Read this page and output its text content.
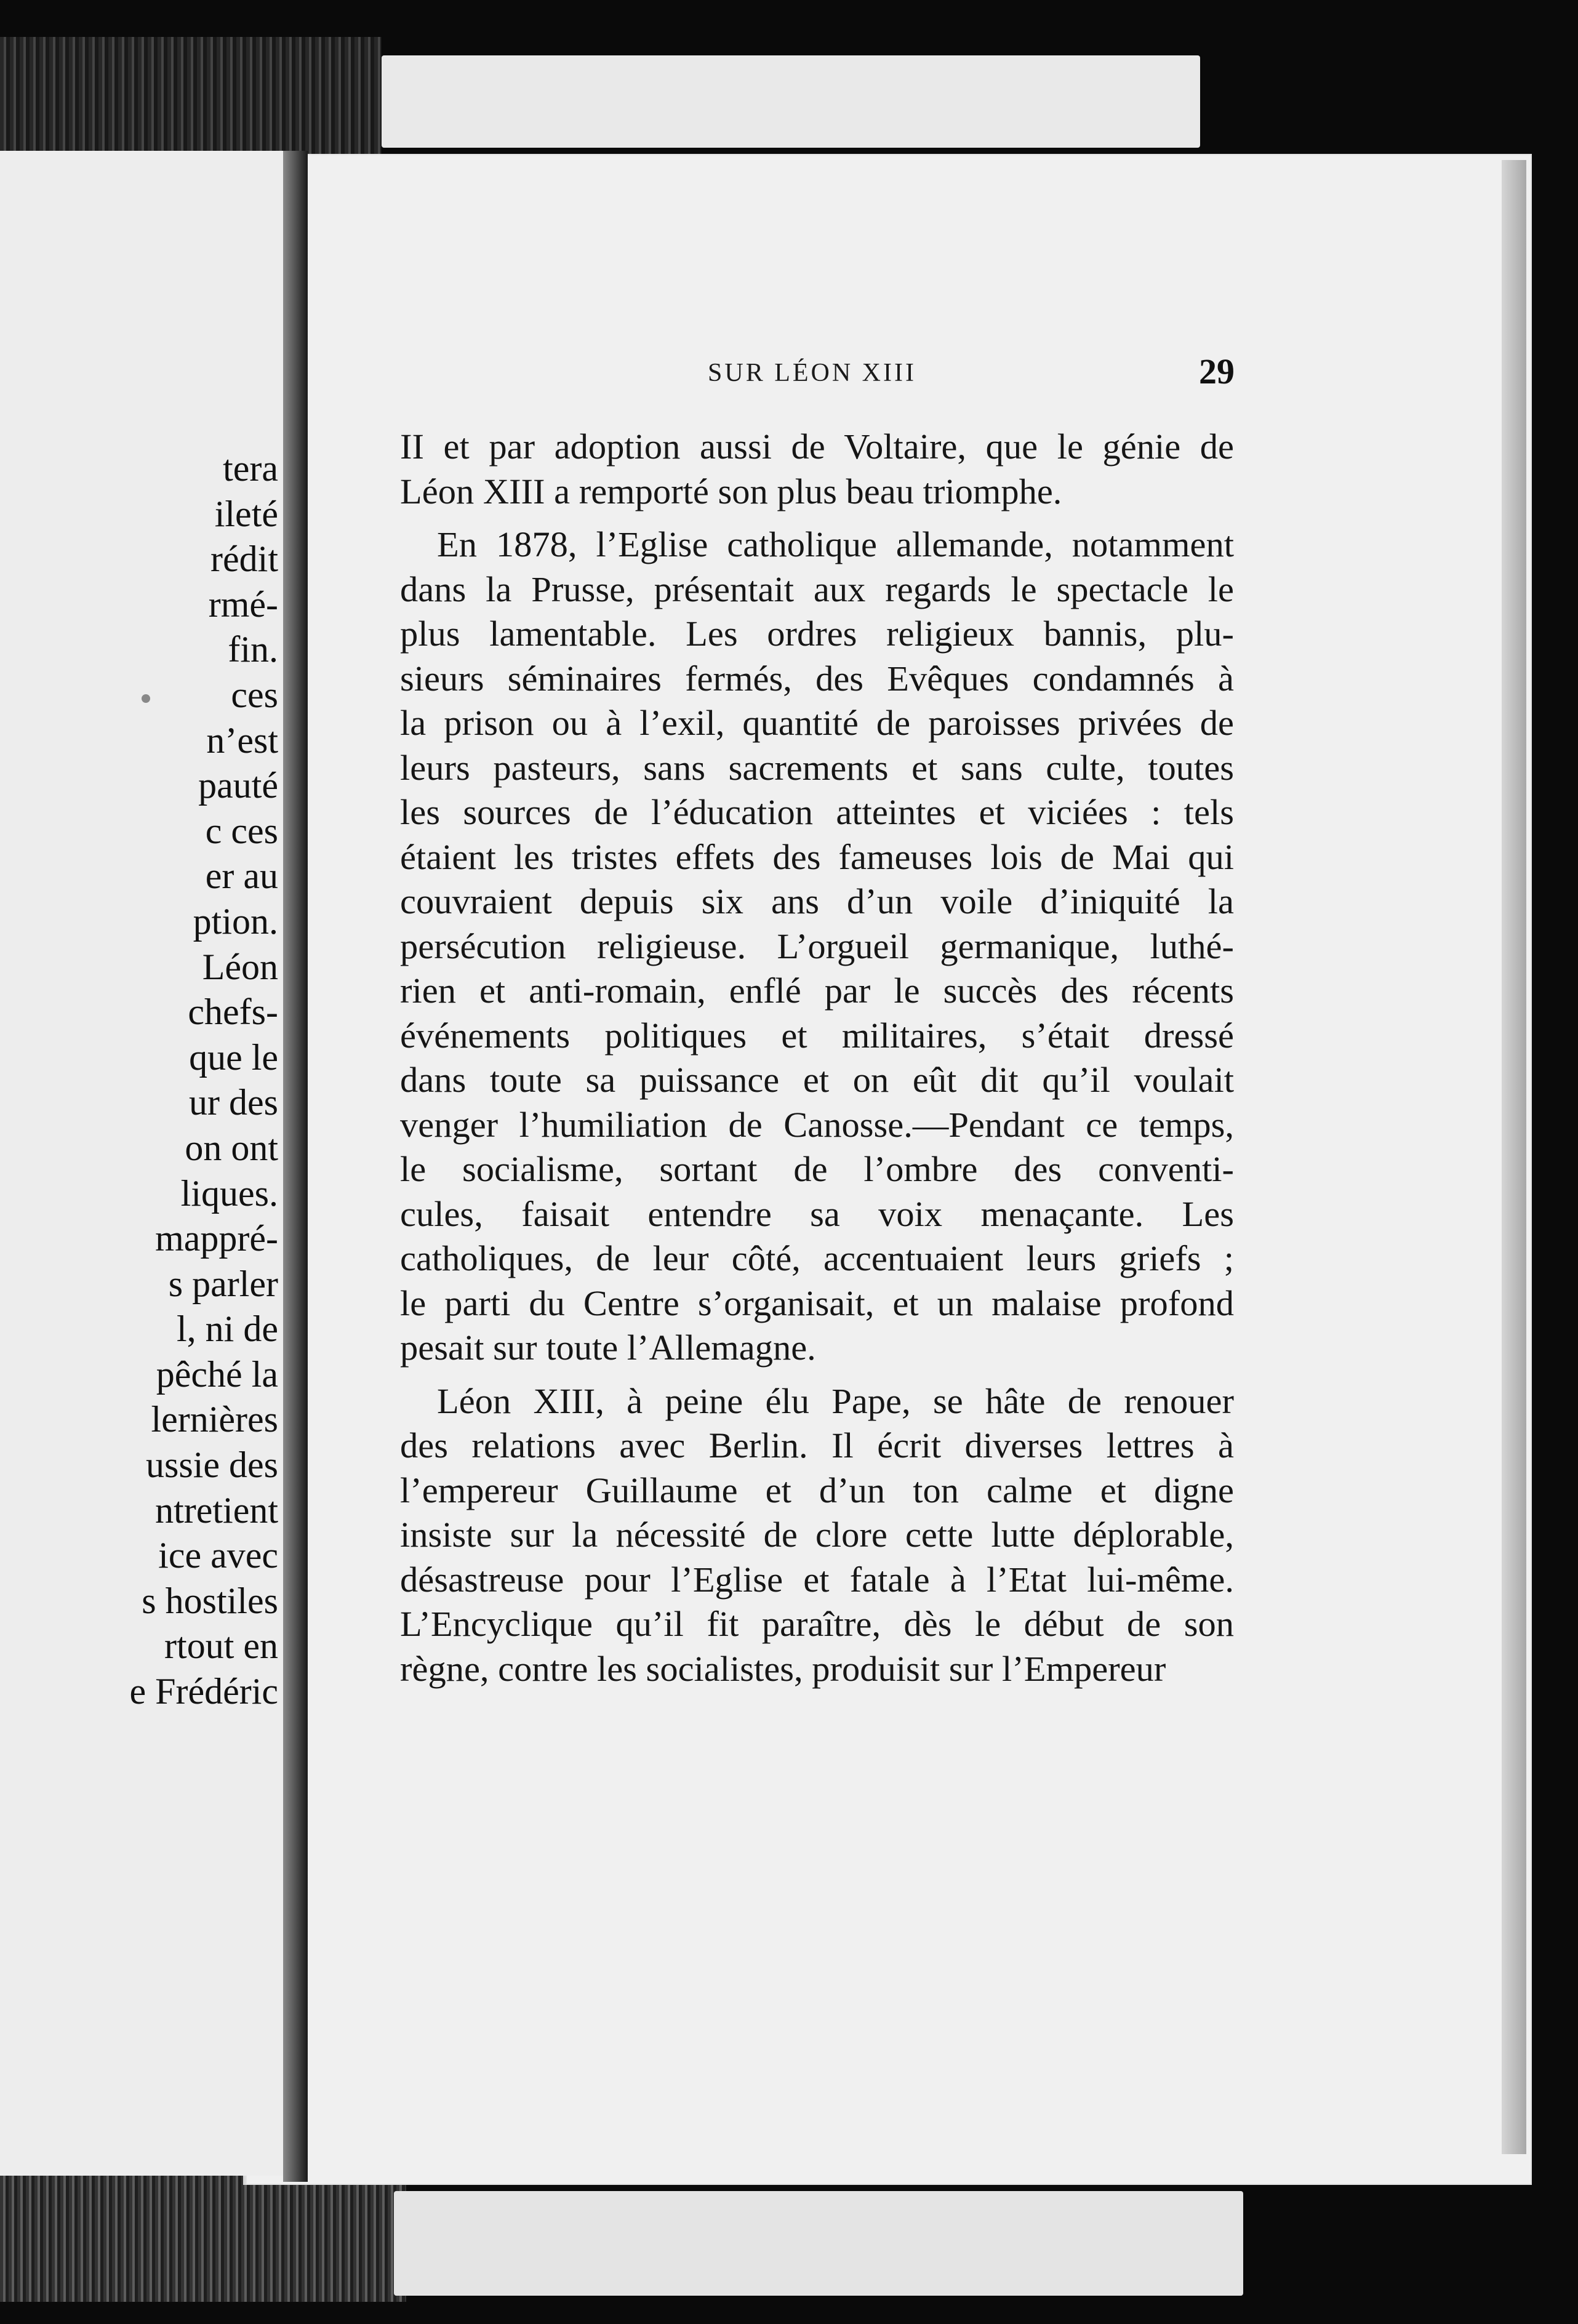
tera
ileté
rédit
rmé-
fin.
ces
n’est
pauté
c ces
er au
ption.
Léon
chefs-
que le
ur des
on ont
liques.
mappré-
s parler
l, ni de
pêché la
lernières
ussie des
ntretient
ice avec
s hostiles
rtout en
e Frédéric
SUR LÉON XIII	29
II et par adoption aussi de Voltaire, que le génie de
Léon XIII a remporté son plus beau triomphe.
En 1878, l’Eglise catholique allemande, notamment
dans la Prusse, présentait aux regards le spectacle le
plus lamentable. Les ordres religieux bannis, plu-
sieurs séminaires fermés, des Evêques condamnés à
la prison ou à l’exil, quantité de paroisses privées de
leurs pasteurs, sans sacrements et sans culte, toutes
les sources de l’éducation atteintes et viciées : tels
étaient les tristes effets des fameuses lois de Mai qui
couvraient depuis six ans d’un voile d’iniquité la
persécution religieuse. L’orgueil germanique, luthé-
rien et anti-romain, enflé par le succès des récents
événements politiques et militaires, s’était dressé
dans toute sa puissance et on eût dit qu’il voulait
venger l’humiliation de Canosse.—Pendant ce temps,
le socialisme, sortant de l’ombre des conventi-
cules, faisait entendre sa voix menaçante. Les
catholiques, de leur côté, accentuaient leurs griefs ;
le parti du Centre s’organisait, et un malaise profond
pesait sur toute l’Allemagne.
Léon XIII, à peine élu Pape, se hâte de renouer
des relations avec Berlin. Il écrit diverses lettres à
l’empereur Guillaume et d’un ton calme et digne
insiste sur la nécessité de clore cette lutte déplorable,
désastreuse pour l’Eglise et fatale à l’Etat lui-même.
L’Encyclique qu’il fit paraître, dès le début de son
règne, contre les socialistes, produisit sur l’Empereur
